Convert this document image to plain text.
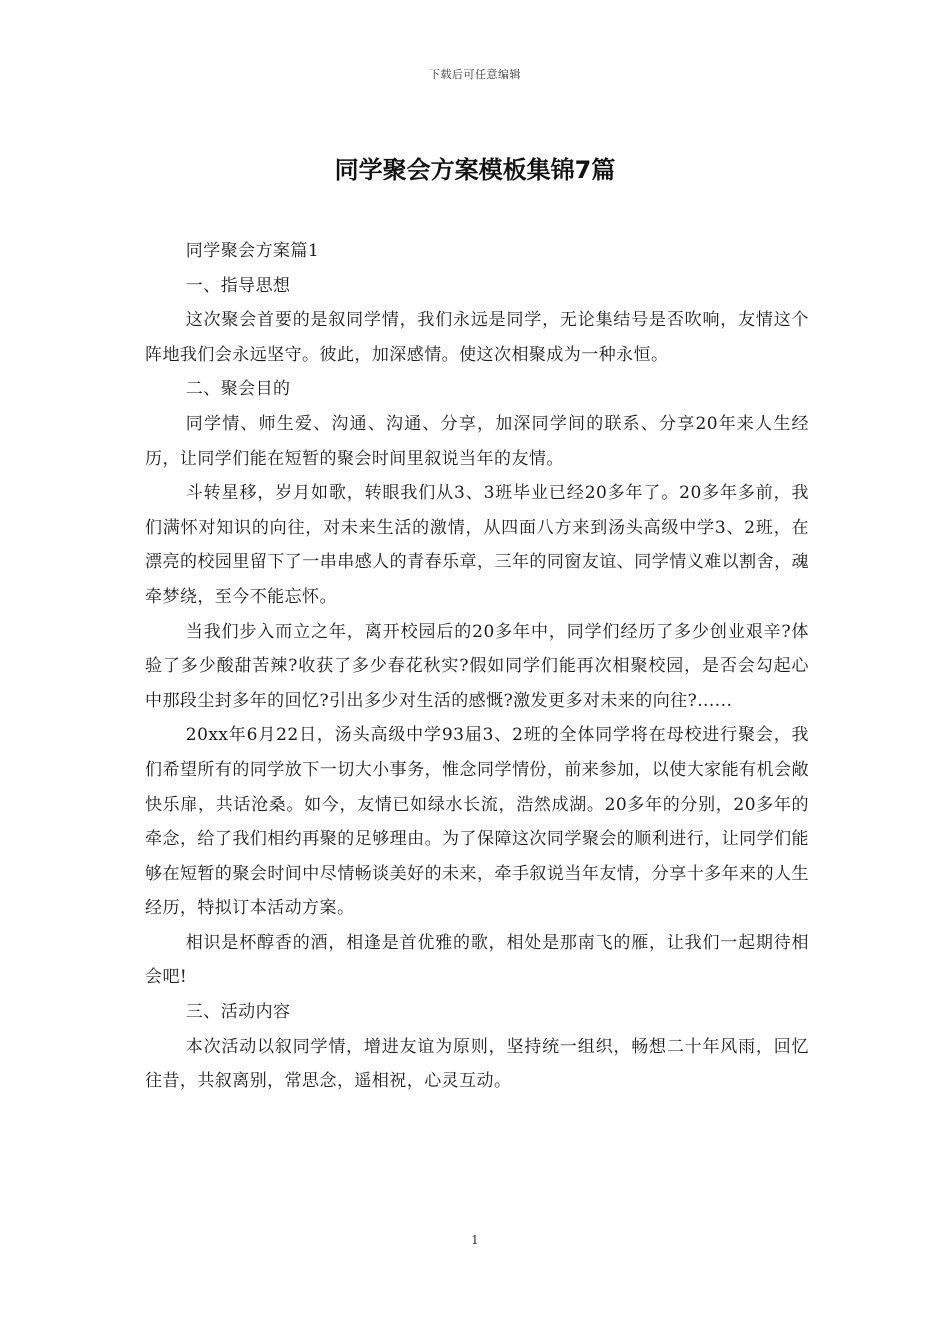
下载后可任意编辑
同学聚会方案模板集锦7篇

同学聚会方案篇1

一、指导思想

这次聚会首要的是叙同学情，我们永远是同学，无论集结号是否吹响，友情这个阵地我们会永远坚守。彼此，加深感情。使这次相聚成为一种永恒。

二、聚会目的

同学情、师生爱、沟通、沟通、分享，加深同学间的联系、分享20年来人生经历，让同学们能在短暂的聚会时间里叙说当年的友情。

斗转星移，岁月如歌，转眼我们从3、3班毕业已经20多年了。20多年多前，我们满怀对知识的向往，对未来生活的激情，从四面八方来到汤头高级中学3、2班，在漂亮的校园里留下了一串串感人的青春乐章，三年的同窗友谊、同学情义难以割舍，魂牵梦绕，至今不能忘怀。

当我们步入而立之年，离开校园后的20多年中，同学们经历了多少创业艰辛?体验了多少酸甜苦辣?收获了多少春花秋实?假如同学们能再次相聚校园，是否会勾起心中那段尘封多年的回忆?引出多少对生活的感慨?激发更多对未来的向往?......

20xx年6月22日，汤头高级中学93届3、2班的全体同学将在母校进行聚会，我们希望所有的同学放下一切大小事务，惟念同学情份，前来参加，以使大家能有机会敞快乐扉，共话沧桑。如今，友情已如绿水长流，浩然成湖。20多年的分别，20多年的牵念，给了我们相约再聚的足够理由。为了保障这次同学聚会的顺利进行，让同学们能够在短暂的聚会时间中尽情畅谈美好的未来，牵手叙说当年友情，分享十多年来的人生经历，特拟订本活动方案。

相识是杯醇香的酒，相逢是首优雅的歌，相处是那南飞的雁，让我们一起期待相会吧!

三、活动内容

本次活动以叙同学情，增进友谊为原则，坚持统一组织，畅想二十年风雨，回忆往昔，共叙离别，常思念，遥相祝，心灵互动。

1
